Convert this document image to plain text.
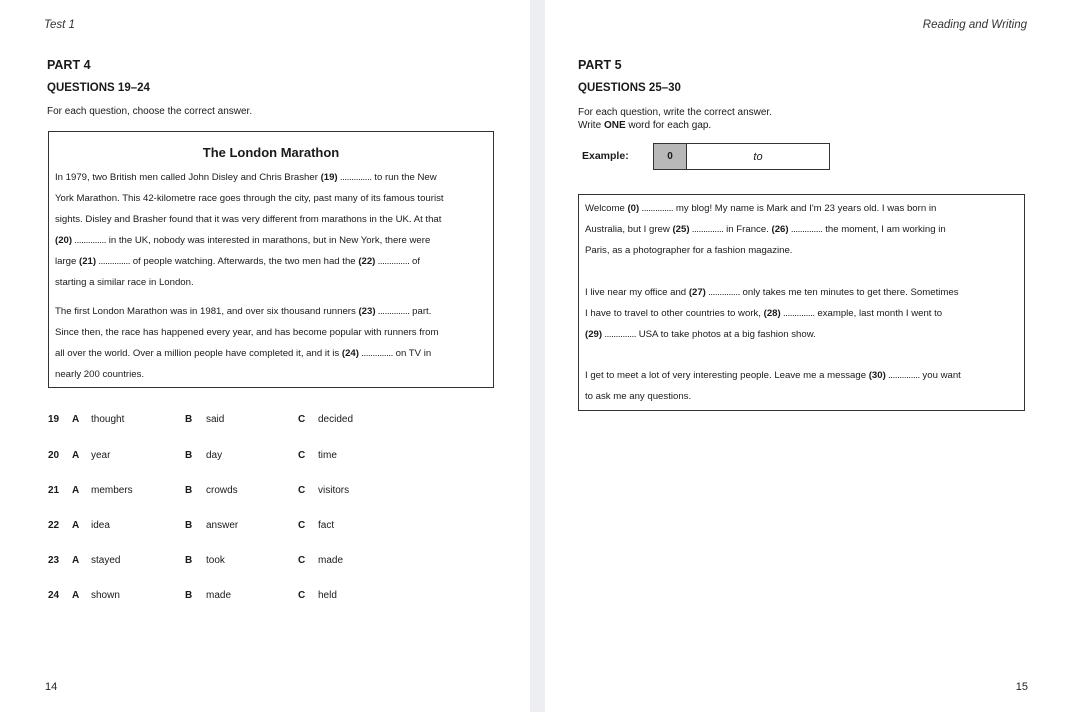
Test 1
PART 4
QUESTIONS 19–24
For each question, choose the correct answer.
The London Marathon
In 1979, two British men called John Disley and Chris Brasher (19) .............. to run the New
York Marathon. This 42-kilometre race goes through the city, past many of its famous tourist
sights. Disley and Brasher found that it was very different from marathons in the UK. At that
(20) .............. in the UK, nobody was interested in marathons, but in New York, there were
large (21) .............. of people watching. Afterwards, the two men had the (22) .............. of
starting a similar race in London.
The first London Marathon was in 1981, and over six thousand runners (23) .............. part.
Since then, the race has happened every year, and has become popular with runners from
all over the world. Over a million people have completed it, and it is (24) .............. on TV in
nearly 200 countries.
19 A thought	B said	C decided
20 A year	B day	C time
21 A members	B crowds	C visitors
22 A idea	B answer	C fact
23 A stayed	B took	C made
24 A shown	B made	C held
14
Reading and Writing
PART 5
QUESTIONS 25–30
For each question, write the correct answer.
Write ONE word for each gap.
Example:	0	to
Welcome (0) .............. my blog! My name is Mark and I'm 23 years old. I was born in
Australia, but I grew (25) .............. in France. (26) .............. the moment, I am working in
Paris, as a photographer for a fashion magazine.
I live near my office and (27) .............. only takes me ten minutes to get there. Sometimes
I have to travel to other countries to work, (28) .............. example, last month I went to
(29) .............. USA to take photos at a big fashion show.
I get to meet a lot of very interesting people. Leave me a message (30) .............. you want
to ask me any questions.
15
